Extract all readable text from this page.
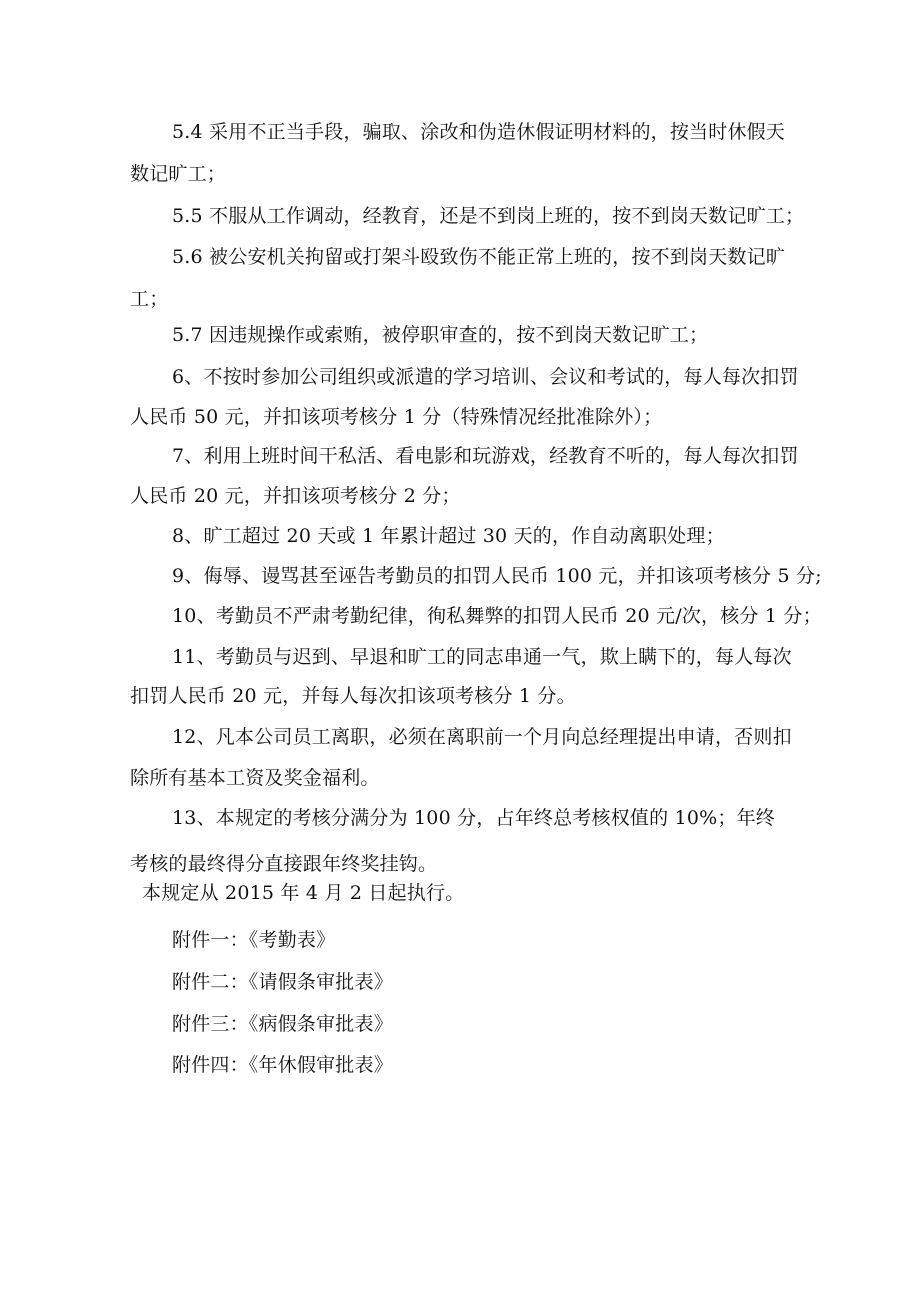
5.4 采用不正当手段，骗取、涂改和伪造休假证明材料的，按当时休假天
数记旷工；
5.5 不服从工作调动，经教育，还是不到岗上班的，按不到岗天数记旷工；
5.6 被公安机关拘留或打架斗殴致伤不能正常上班的，按不到岗天数记旷
工；
5.7 因违规操作或索贿，被停职审查的，按不到岗天数记旷工；
6、不按时参加公司组织或派遣的学习培训、会议和考试的，每人每次扣罚
人民币 50 元，并扣该项考核分 1 分（特殊情况经批准除外）；
7、利用上班时间干私活、看电影和玩游戏，经教育不听的，每人每次扣罚
人民币 20 元，并扣该项考核分 2 分；
8、旷工超过 20 天或 1 年累计超过 30 天的，作自动离职处理；
9、侮辱、谩骂甚至诬告考勤员的扣罚人民币 100 元，并扣该项考核分 5 分;
10、考勤员不严肃考勤纪律，徇私舞弊的扣罚人民币 20 元/次，核分 1 分；
11、考勤员与迟到、早退和旷工的同志串通一气，欺上瞒下的，每人每次
扣罚人民币 20 元，并每人每次扣该项考核分 1 分。
12、凡本公司员工离职，必须在离职前一个月向总经理提出申请，否则扣
除所有基本工资及奖金福利。
13、本规定的考核分满分为 100 分，占年终总考核权值的 10%；年终
考核的最终得分直接跟年终奖挂钩。
本规定从 2015 年 4 月 2 日起执行。
附件一：《考勤表》
附件二：《请假条审批表》
附件三：《病假条审批表》
附件四：《年休假审批表》
